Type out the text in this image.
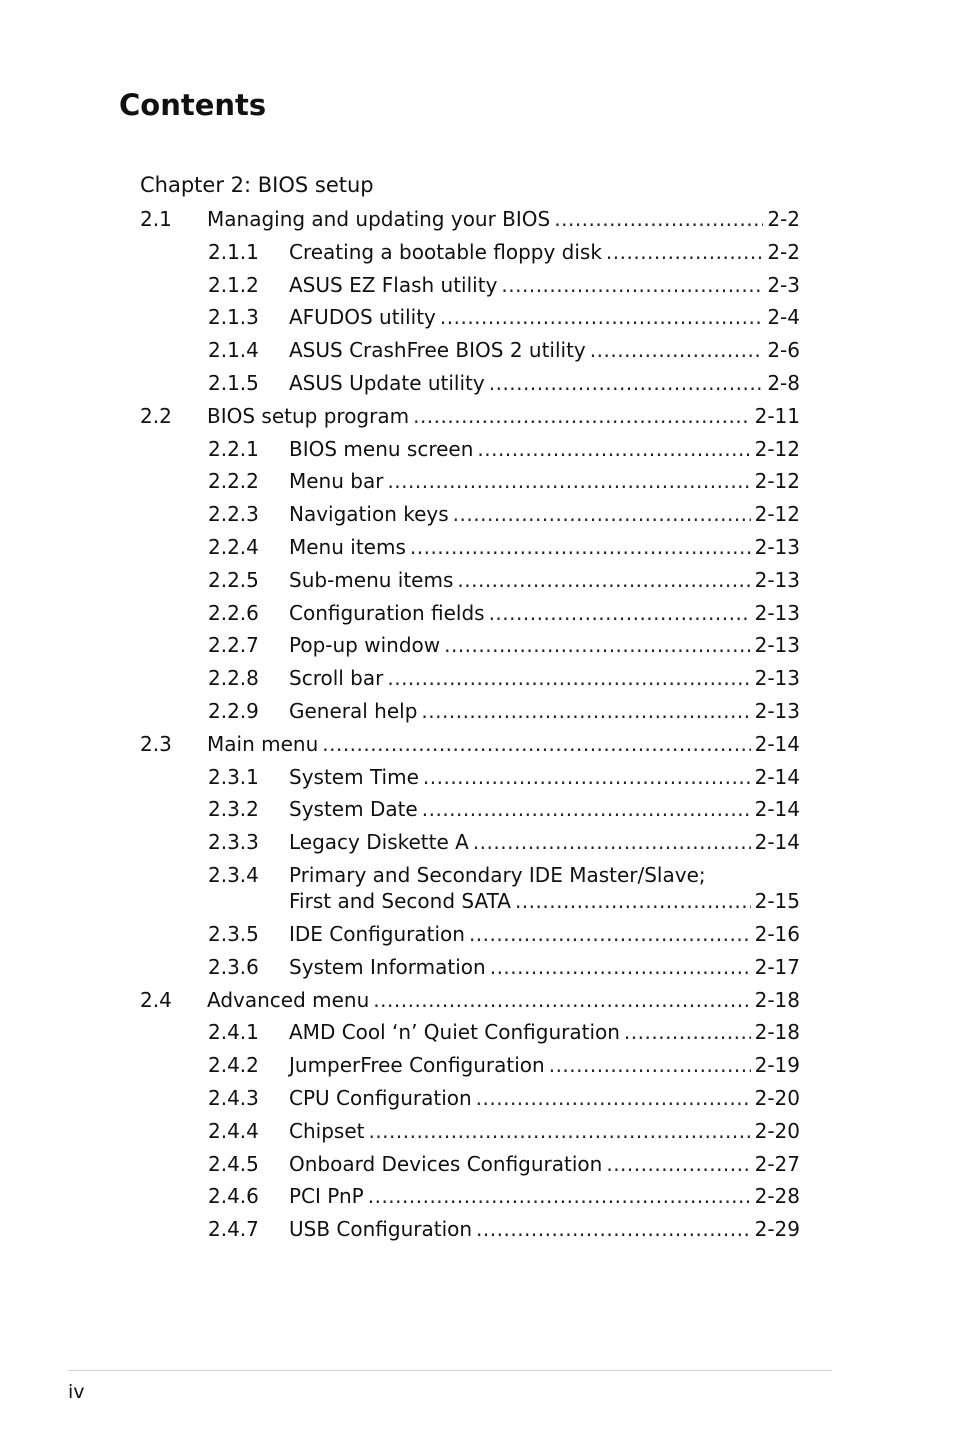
Contents
Chapter 2: BIOS setup
2.1 Managing and updating your BIOS .....	2-2
2.1.1 Creating a bootable floppy disk .....	2-2
2.1.2 ASUS EZ Flash utility .....	2-3
2.1.3 AFUDOS utility .....	2-4
2.1.4 ASUS CrashFree BIOS 2 utility .....	2-6
2.1.5 ASUS Update utility .....	2-8
2.2 BIOS setup program .....	2-11
2.2.1 BIOS menu screen .....	2-12
2.2.2 Menu bar .....	2-12
2.2.3 Navigation keys .....	2-12
2.2.4 Menu items .....	2-13
2.2.5 Sub-menu items .....	2-13
2.2.6 Configuration fields .....	2-13
2.2.7 Pop-up window .....	2-13
2.2.8 Scroll bar .....	2-13
2.2.9 General help .....	2-13
2.3 Main menu .....	2-14
2.3.1 System Time .....	2-14
2.3.2 System Date .....	2-14
2.3.3 Legacy Diskette A .....	2-14
2.3.4 Primary and Secondary IDE Master/Slave;
First and Second SATA .....	2-15
2.3.5 IDE Configuration .....	2-16
2.3.6 System Information .....	2-17
2.4 Advanced menu .....	2-18
2.4.1 AMD Cool ‘n’ Quiet Configuration .....	2-18
2.4.2 JumperFree Configuration .....	2-19
2.4.3 CPU Configuration .....	2-20
2.4.4 Chipset .....	2-20
2.4.5 Onboard Devices Configuration .....	2-27
2.4.6 PCI PnP .....	2-28
2.4.7 USB Configuration .....	2-29
iv
